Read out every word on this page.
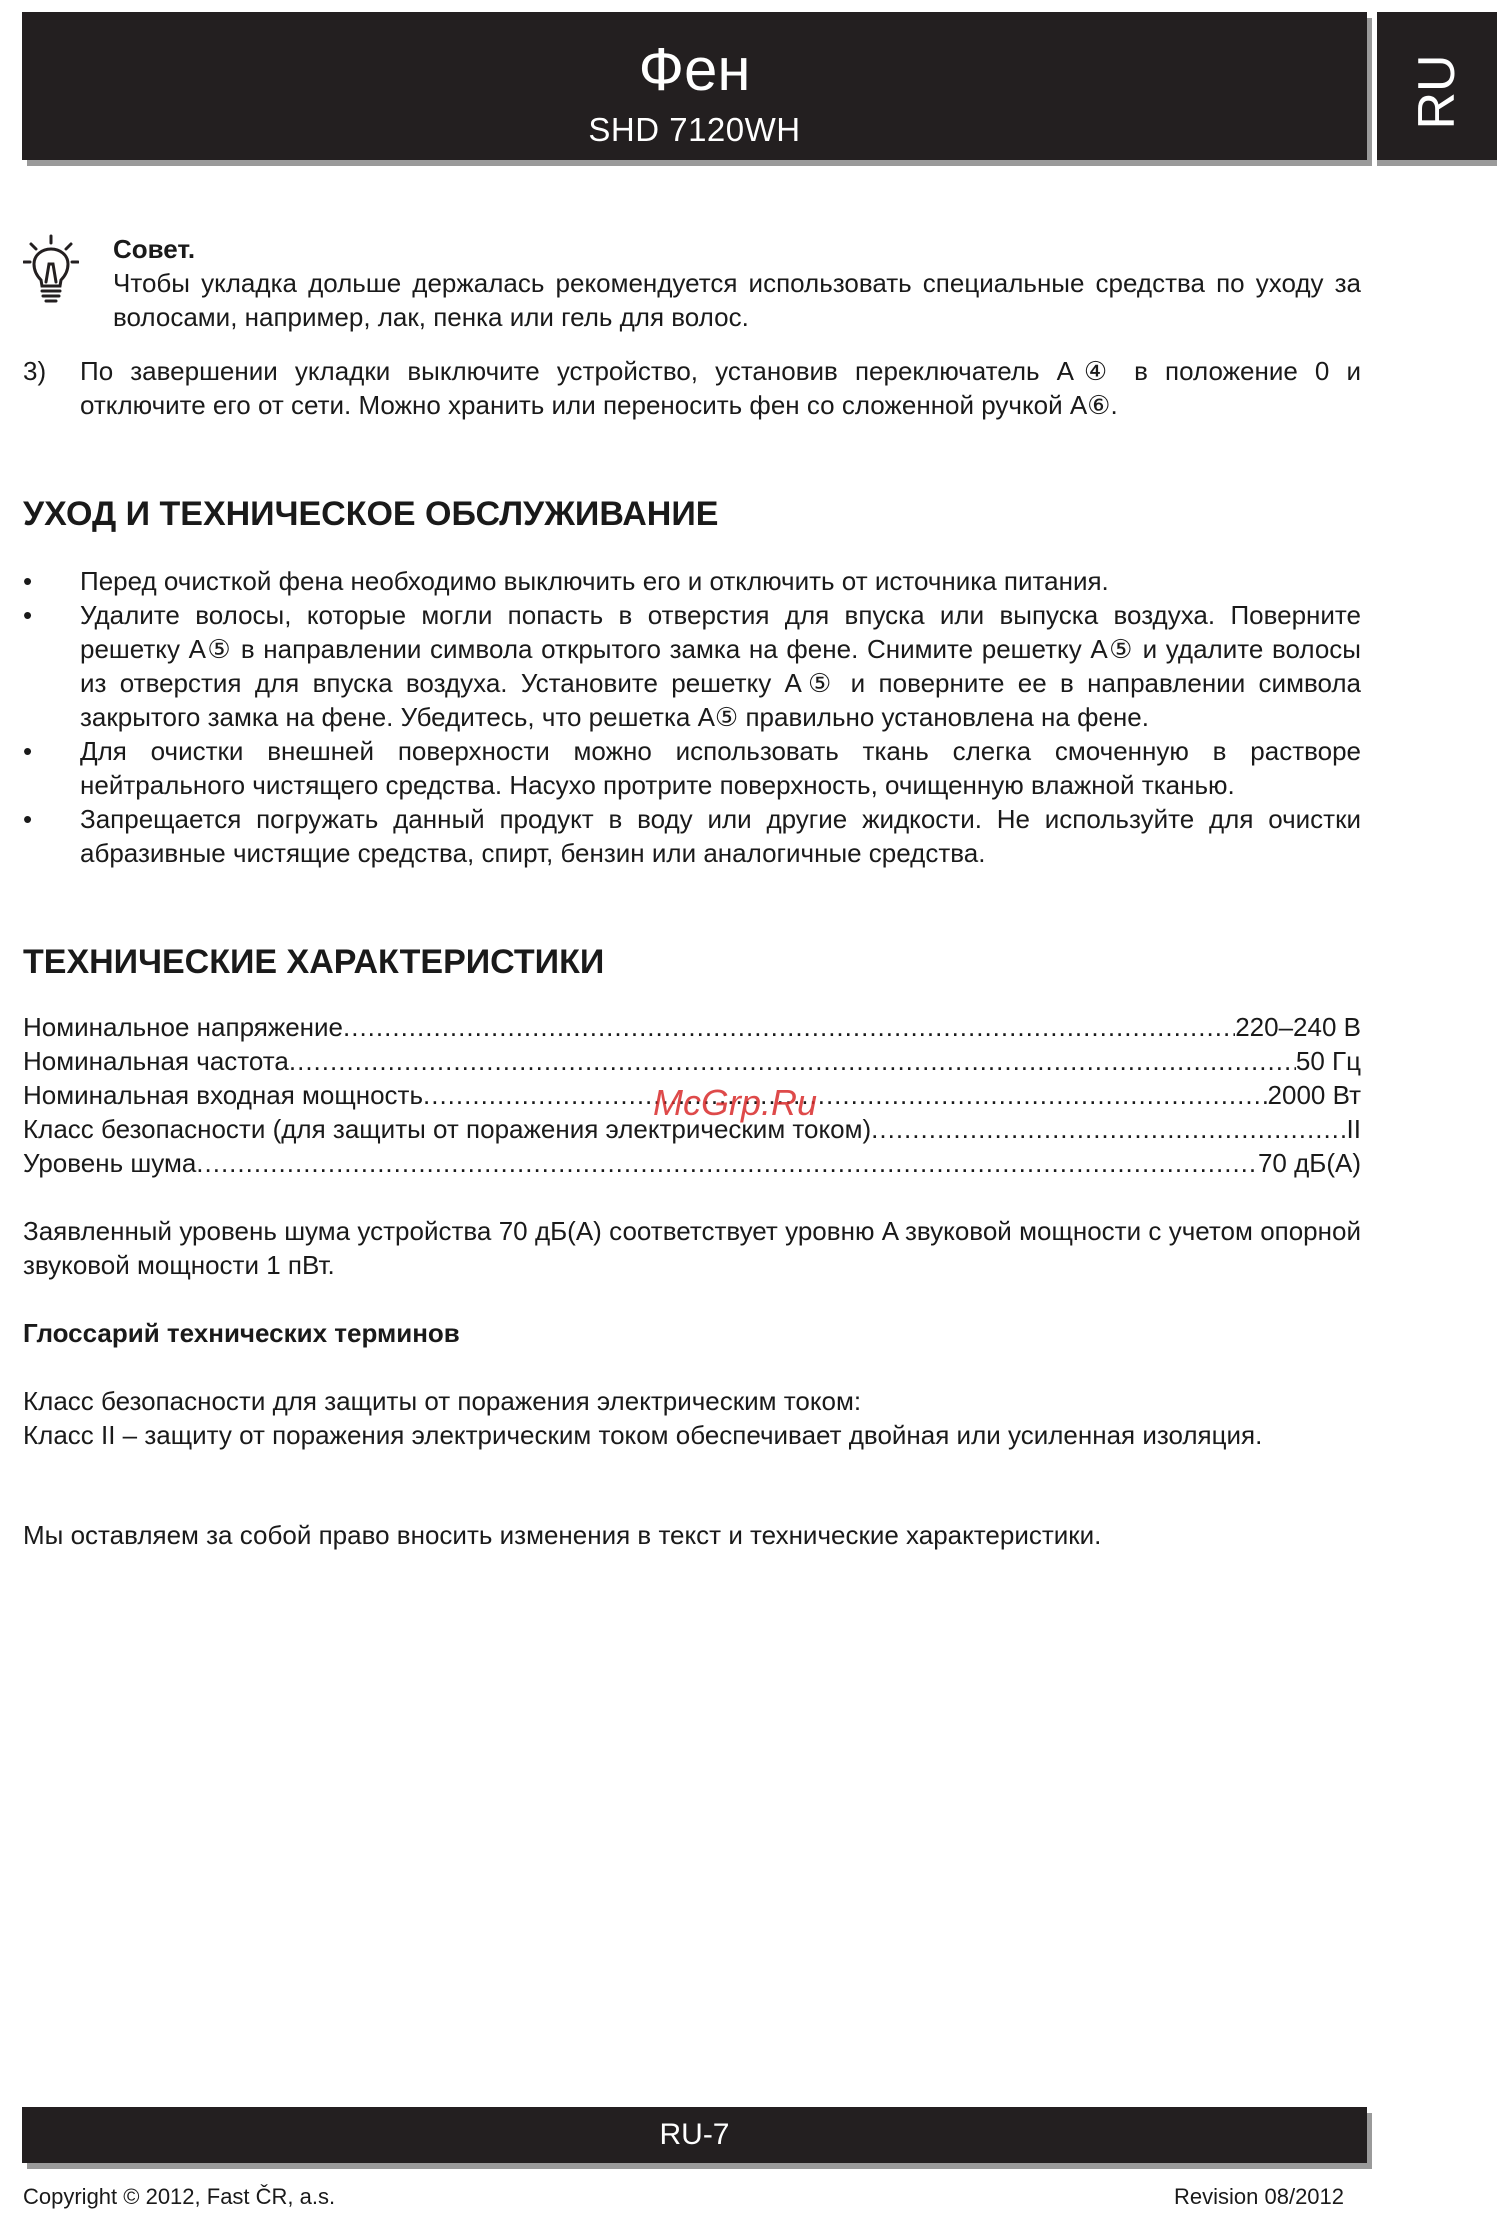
Фен
SHD 7120WH	RU
Совет.
Чтобы укладка дольше держалась рекомендуется использовать специальные средства по уходу за волосами, например, лак, пенка или гель для волос.
3) По завершении укладки выключите устройство, установив переключатель A④ в положение 0 и отключите его от сети. Можно хранить или переносить фен со сложенной ручкой A⑥.
УХОД И ТЕХНИЧЕСКОЕ ОБСЛУЖИВАНИЕ
• Перед очисткой фена необходимо выключить его и отключить от источника питания.
• Удалите волосы, которые могли попасть в отверстия для впуска или выпуска воздуха. Поверните решетку A⑤ в направлении символа открытого замка на фене. Снимите решетку A⑤ и удалите волосы из отверстия для впуска воздуха. Установите решетку A⑤ и поверните ее в направлении символа закрытого замка на фене. Убедитесь, что решетка A⑤ правильно установлена на фене.
• Для очистки внешней поверхности можно использовать ткань слегка смоченную в растворе нейтрального чистящего средства. Насухо протрите поверхность, очищенную влажной тканью.
• Запрещается погружать данный продукт в воду или другие жидкости. Не используйте для очистки абразивные чистящие средства, спирт, бензин или аналогичные средства.
ТЕХНИЧЕСКИЕ ХАРАКТЕРИСТИКИ
Номинальное напряжение .....	220–240 В
Номинальная частота .....	50 Гц
Номинальная входная мощность .....	2000 Вт
Класс безопасности (для защиты от поражения электрическим током) .....	II
Уровень шума .....	70 дБ(A)
Заявленный уровень шума устройства 70 дБ(A) соответствует уровню A звуковой мощности с учетом опорной звуковой мощности 1 пВт.
Глоссарий технических терминов
Класс безопасности для защиты от поражения электрическим током:
Класс II – защиту от поражения электрическим током обеспечивает двойная или усиленная изоляция.
Мы оставляем за собой право вносить изменения в текст и технические характеристики.
McGrp.Ru
RU-7
Copyright © 2012, Fast ČR, a.s.	Revision 08/2012
